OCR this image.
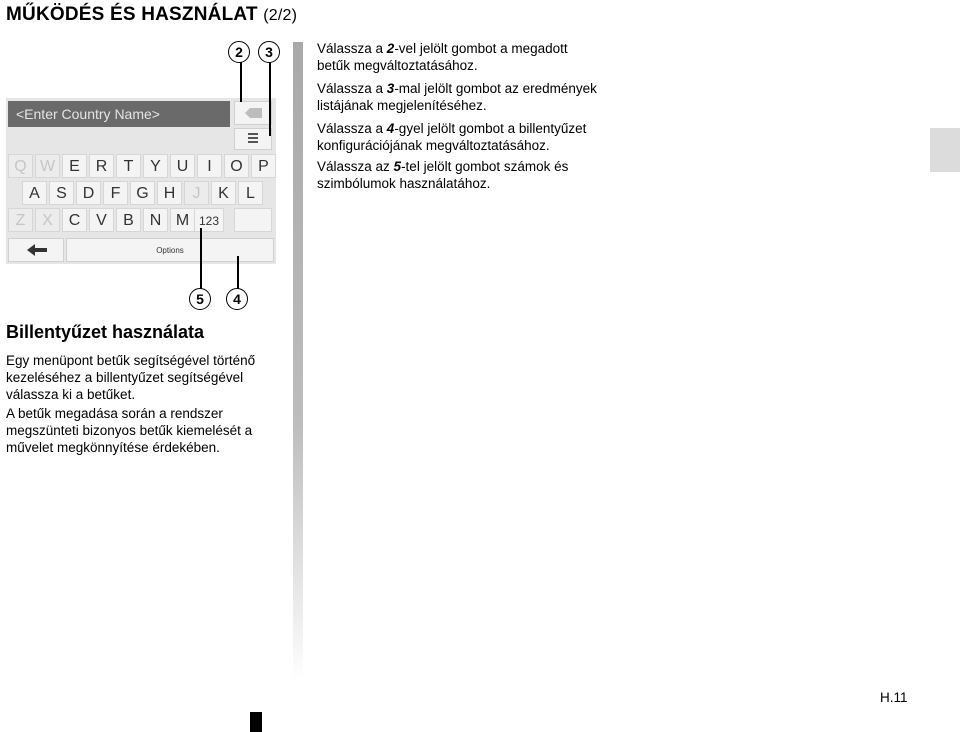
MŰKÖDÉS ÉS HASZNÁLAT (2/2)
<Enter Country Name>
Q W E R	T	Y U	I	O P
A	S D	F G H	J	K	L
Z	X C V	B N M 123
Options
2	3
5	4
Billentyűzet használata

Egy menüpont betűk segítségével történő kezeléséhez a billentyűzet segítségével válassza ki a betűket.

A betűk megadása során a rendszer megszünteti bizonyos betűk kiemelését a művelet megkönnyítése érdekében.

Válassza a 2-vel jelölt gombot a megadott betűk megváltoztatásához.

Válassza a 3-mal jelölt gombot az eredmények listájának megjelenítéséhez.

Válassza a 4-gyel jelölt gombot a billentyűzet konfigurációjának megváltoztatásához.

Válassza az 5-tel jelölt gombot számok és szimbólumok használatához.

H.11
